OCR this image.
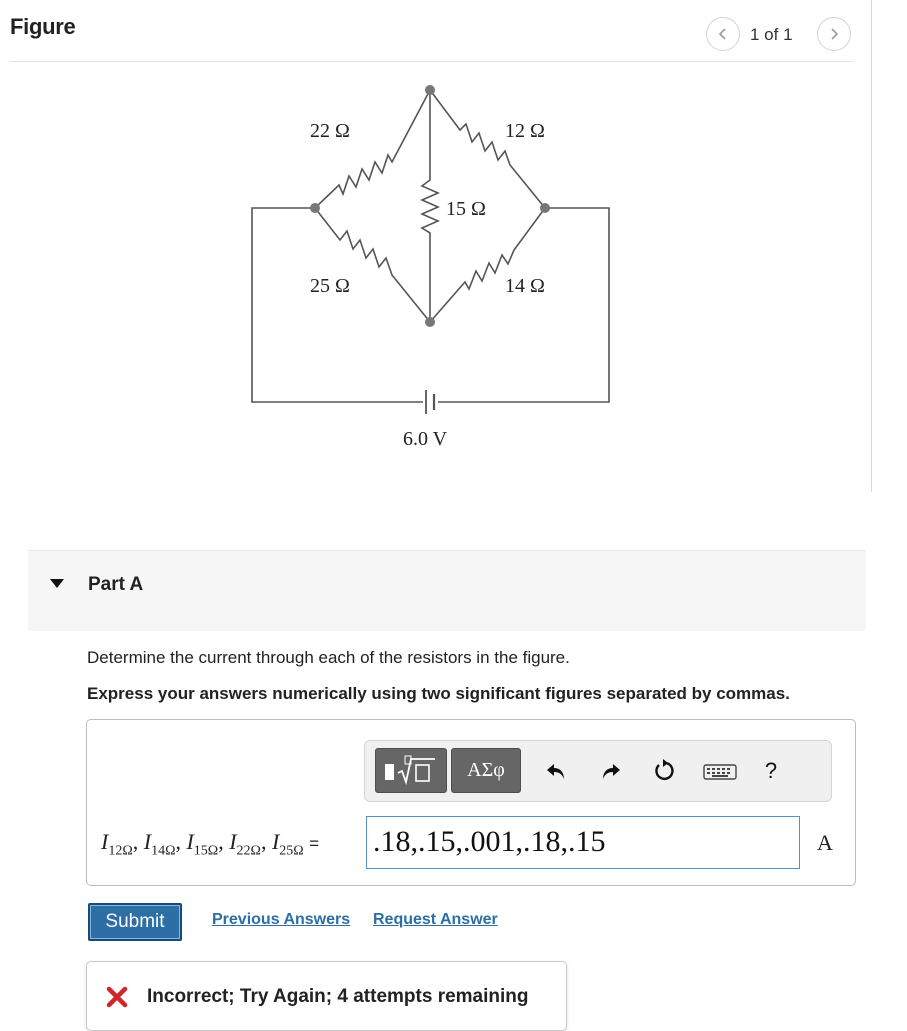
Figure	1 of 1
22 Ω	12 Ω
15 Ω
25 Ω	14 Ω
6.0 V
Part A
Determine the current through each of the resistors in the figure.
Express your answers numerically using two significant figures separated by commas.
ΑΣφ	?
$I_{12\Omega}$, $I_{14\Omega}$, $I_{15\Omega}$, $I_{22\Omega}$, $I_{25\Omega} = .18,.15,.001,.18,.15$	A
Submit	Previous Answers Request Answer
Incorrect; Try Again; 4 attempts remaining
